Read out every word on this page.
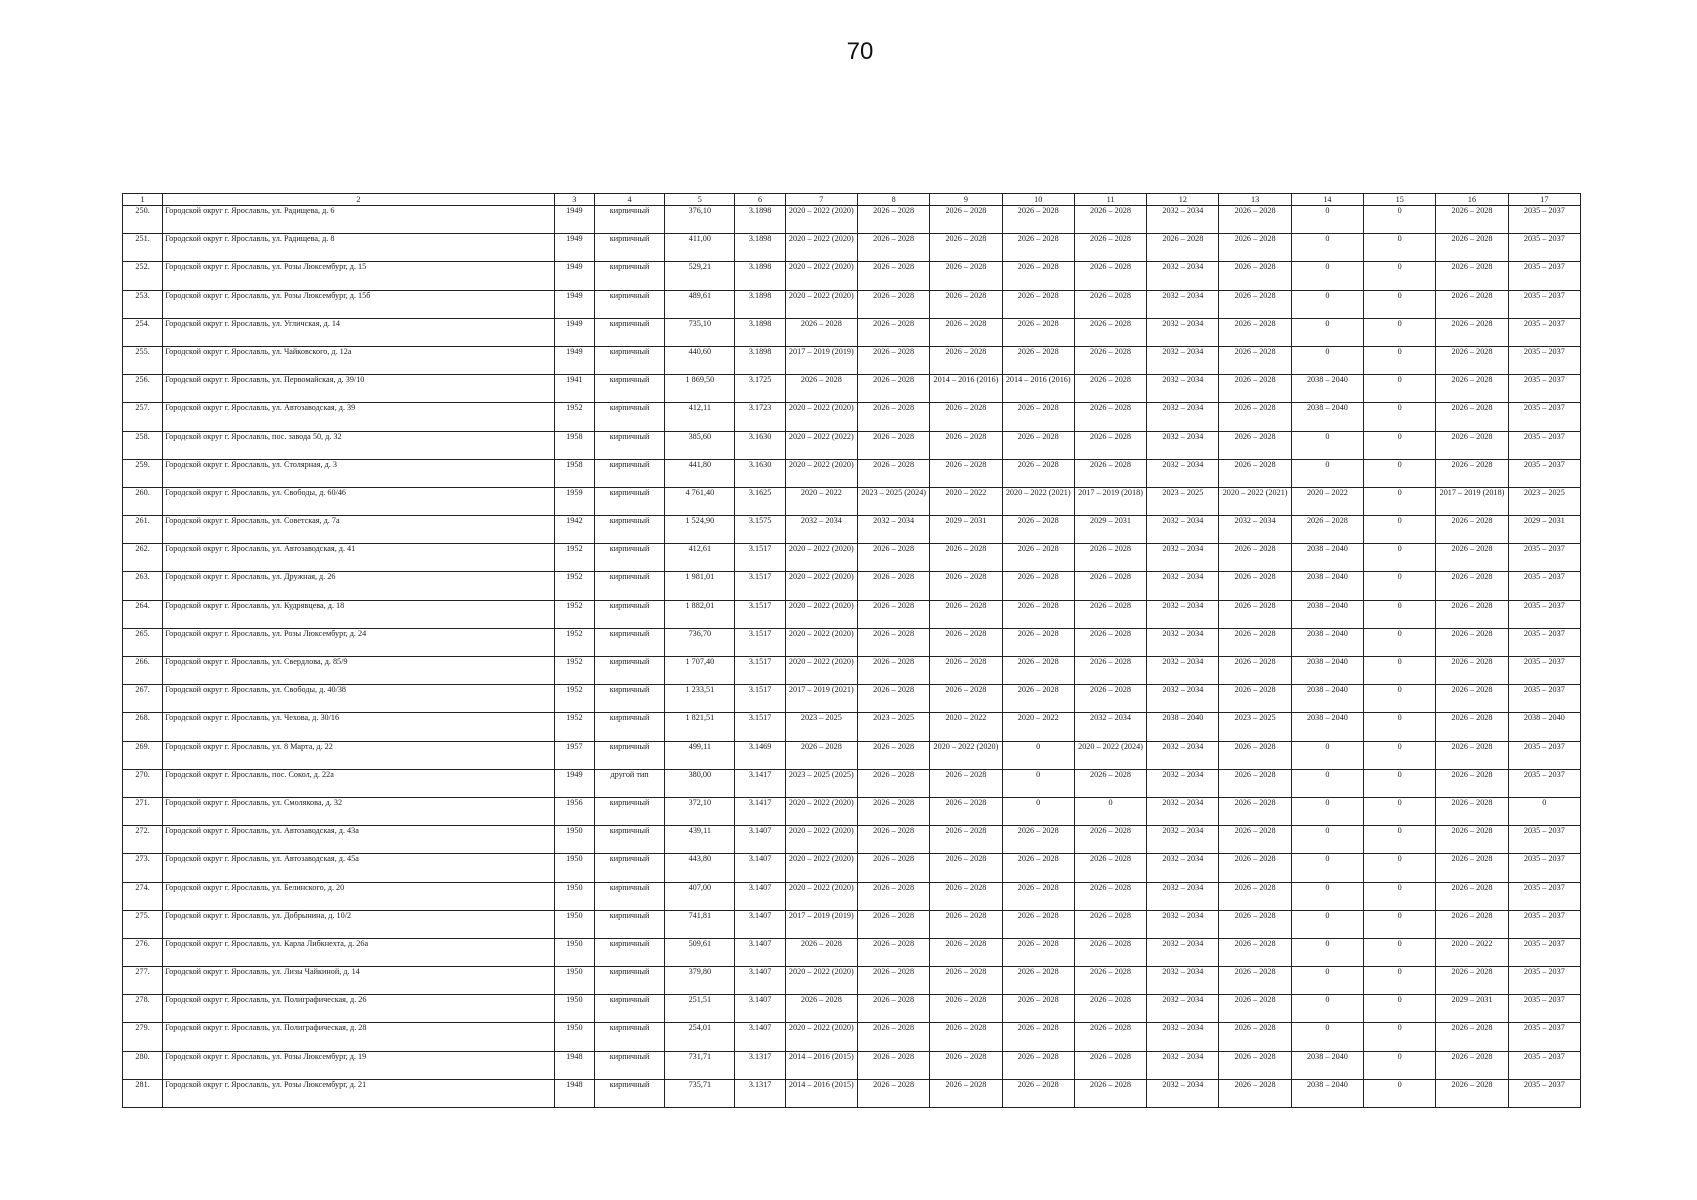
70
1	2	3	4	5	6	7	8	9	10	11	12	13	14	15	16	17
250.	Городской округ г. Ярославль, ул. Радищева, д. 6	1949	кирпичный	376,10	3.1898	2020 – 2022 (2020)	2026 – 2028	2026 – 2028	2026 – 2028	2026 – 2028	2032 – 2034	2026 – 2028	0	0	2026 – 2028	2035 – 2037
251.	Городской округ г. Ярославль, ул. Радищева, д. 8	1949	кирпичный	411,00	3.1898	2020 – 2022 (2020)	2026 – 2028	2026 – 2028	2026 – 2028	2026 – 2028	2026 – 2028	2026 – 2028	0	0	2026 – 2028	2035 – 2037
252.	Городской округ г. Ярославль, ул. Розы Люксембург, д. 15	1949	кирпичный	529,21	3.1898	2020 – 2022 (2020)	2026 – 2028	2026 – 2028	2026 – 2028	2026 – 2028	2032 – 2034	2026 – 2028	0	0	2026 – 2028	2035 – 2037
253.	Городской округ г. Ярославль, ул. Розы Люксембург, д. 15б	1949	кирпичный	489,61	3.1898	2020 – 2022 (2020)	2026 – 2028	2026 – 2028	2026 – 2028	2026 – 2028	2032 – 2034	2026 – 2028	0	0	2026 – 2028	2035 – 2037
254.	Городской округ г. Ярославль, ул. Угличская, д. 14	1949	кирпичный	735,10	3.1898	2026 – 2028	2026 – 2028	2026 – 2028	2026 – 2028	2026 – 2028	2032 – 2034	2026 – 2028	0	0	2026 – 2028	2035 – 2037
255.	Городской округ г. Ярославль, ул. Чайковского, д. 12а	1949	кирпичный	440,60	3.1898	2017 – 2019 (2019)	2026 – 2028	2026 – 2028	2026 – 2028	2026 – 2028	2032 – 2034	2026 – 2028	0	0	2026 – 2028	2035 – 2037
256.	Городской округ г. Ярославль, ул. Первомайская, д. 39/10	1941	кирпичный	1 869,50	3.1725	2026 – 2028	2026 – 2028	2014 – 2016 (2016)	2014 – 2016 (2016)	2026 – 2028	2032 – 2034	2026 – 2028	2038 – 2040	0	2026 – 2028	2035 – 2037
257.	Городской округ г. Ярославль, ул. Автозаводская, д. 39	1952	кирпичный	412,11	3.1723	2020 – 2022 (2020)	2026 – 2028	2026 – 2028	2026 – 2028	2026 – 2028	2032 – 2034	2026 – 2028	2038 – 2040	0	2026 – 2028	2035 – 2037
258.	Городской округ г. Ярославль, пос. завода 50, д. 32	1958	кирпичный	385,60	3.1630	2020 – 2022 (2022)	2026 – 2028	2026 – 2028	2026 – 2028	2026 – 2028	2032 – 2034	2026 – 2028	0	0	2026 – 2028	2035 – 2037
259.	Городской округ г. Ярославль, ул. Столярная, д. 3	1958	кирпичный	441,80	3.1630	2020 – 2022 (2020)	2026 – 2028	2026 – 2028	2026 – 2028	2026 – 2028	2032 – 2034	2026 – 2028	0	0	2026 – 2028	2035 – 2037
260.	Городской округ г. Ярославль, ул. Свободы, д. 60/46	1959	кирпичный	4 761,40	3.1625	2020 – 2022	2023 – 2025 (2024)	2020 – 2022	2020 – 2022 (2021)	2017 – 2019 (2018)	2023 – 2025	2020 – 2022 (2021)	2020 – 2022	0	2017 – 2019 (2018)	2023 – 2025
261.	Городской округ г. Ярославль, ул. Советская, д. 7а	1942	кирпичный	1 524,90	3.1575	2032 – 2034	2032 – 2034	2029 – 2031	2026 – 2028	2029 – 2031	2032 – 2034	2032 – 2034	2026 – 2028	0	2026 – 2028	2029 – 2031
262.	Городской округ г. Ярославль, ул. Автозаводская, д. 41	1952	кирпичный	412,61	3.1517	2020 – 2022 (2020)	2026 – 2028	2026 – 2028	2026 – 2028	2026 – 2028	2032 – 2034	2026 – 2028	2038 – 2040	0	2026 – 2028	2035 – 2037
263.	Городской округ г. Ярославль, ул. Дружная, д. 26	1952	кирпичный	1 981,01	3.1517	2020 – 2022 (2020)	2026 – 2028	2026 – 2028	2026 – 2028	2026 – 2028	2032 – 2034	2026 – 2028	2038 – 2040	0	2026 – 2028	2035 – 2037
264.	Городской округ г. Ярославль, ул. Кудрявцева, д. 18	1952	кирпичный	1 882,01	3.1517	2020 – 2022 (2020)	2026 – 2028	2026 – 2028	2026 – 2028	2026 – 2028	2032 – 2034	2026 – 2028	2038 – 2040	0	2026 – 2028	2035 – 2037
265.	Городской округ г. Ярославль, ул. Розы Люксембург, д. 24	1952	кирпичный	736,70	3.1517	2020 – 2022 (2020)	2026 – 2028	2026 – 2028	2026 – 2028	2026 – 2028	2032 – 2034	2026 – 2028	2038 – 2040	0	2026 – 2028	2035 – 2037
266.	Городской округ г. Ярославль, ул. Свердлова, д. 85/9	1952	кирпичный	1 707,40	3.1517	2020 – 2022 (2020)	2026 – 2028	2026 – 2028	2026 – 2028	2026 – 2028	2032 – 2034	2026 – 2028	2038 – 2040	0	2026 – 2028	2035 – 2037
267.	Городской округ г. Ярославль, ул. Свободы, д. 40/38	1952	кирпичный	1 233,51	3.1517	2017 – 2019 (2021)	2026 – 2028	2026 – 2028	2026 – 2028	2026 – 2028	2032 – 2034	2026 – 2028	2038 – 2040	0	2026 – 2028	2035 – 2037
268.	Городской округ г. Ярославль, ул. Чехова, д. 30/16	1952	кирпичный	1 821,51	3.1517	2023 – 2025	2023 – 2025	2020 – 2022	2020 – 2022	2032 – 2034	2038 – 2040	2023 – 2025	2038 – 2040	0	2026 – 2028	2038 – 2040
269.	Городской округ г. Ярославль, ул. 8 Марта, д. 22	1957	кирпичный	499,11	3.1469	2026 – 2028	2026 – 2028	2020 – 2022 (2020)	0	2020 – 2022 (2024)	2032 – 2034	2026 – 2028	0	0	2026 – 2028	2035 – 2037
270.	Городской округ г. Ярославль, пос. Сокол, д. 22а	1949	другой тип	380,00	3.1417	2023 – 2025 (2025)	2026 – 2028	2026 – 2028	0	2026 – 2028	2032 – 2034	2026 – 2028	0	0	2026 – 2028	2035 – 2037
271.	Городской округ г. Ярославль, ул. Смолякова, д. 32	1956	кирпичный	372,10	3.1417	2020 – 2022 (2020)	2026 – 2028	2026 – 2028	0	0	2032 – 2034	2026 – 2028	0	0	2026 – 2028	0
272.	Городской округ г. Ярославль, ул. Автозаводская, д. 43а	1950	кирпичный	439,11	3.1407	2020 – 2022 (2020)	2026 – 2028	2026 – 2028	2026 – 2028	2026 – 2028	2032 – 2034	2026 – 2028	0	0	2026 – 2028	2035 – 2037
273.	Городской округ г. Ярославль, ул. Автозаводская, д. 45а	1950	кирпичный	443,80	3.1407	2020 – 2022 (2020)	2026 – 2028	2026 – 2028	2026 – 2028	2026 – 2028	2032 – 2034	2026 – 2028	0	0	2026 – 2028	2035 – 2037
274.	Городской округ г. Ярославль, ул. Белинского, д. 20	1950	кирпичный	407,00	3.1407	2020 – 2022 (2020)	2026 – 2028	2026 – 2028	2026 – 2028	2026 – 2028	2032 – 2034	2026 – 2028	0	0	2026 – 2028	2035 – 2037
275.	Городской округ г. Ярославль, ул. Добрынина, д. 10/2	1950	кирпичный	741,81	3.1407	2017 – 2019 (2019)	2026 – 2028	2026 – 2028	2026 – 2028	2026 – 2028	2032 – 2034	2026 – 2028	0	0	2026 – 2028	2035 – 2037
276.	Городской округ г. Ярославль, ул. Карла Либкнехта, д. 26а	1950	кирпичный	509,61	3.1407	2026 – 2028	2026 – 2028	2026 – 2028	2026 – 2028	2026 – 2028	2032 – 2034	2026 – 2028	0	0	2020 – 2022	2035 – 2037
277.	Городской округ г. Ярославль, ул. Лизы Чайкиной, д. 14	1950	кирпичный	379,80	3.1407	2020 – 2022 (2020)	2026 – 2028	2026 – 2028	2026 – 2028	2026 – 2028	2032 – 2034	2026 – 2028	0	0	2026 – 2028	2035 – 2037
278.	Городской округ г. Ярославль, ул. Полиграфическая, д. 26	1950	кирпичный	251,51	3.1407	2026 – 2028	2026 – 2028	2026 – 2028	2026 – 2028	2026 – 2028	2032 – 2034	2026 – 2028	0	0	2029 – 2031	2035 – 2037
279.	Городской округ г. Ярославль, ул. Полиграфическая, д. 28	1950	кирпичный	254,01	3.1407	2020 – 2022 (2020)	2026 – 2028	2026 – 2028	2026 – 2028	2026 – 2028	2032 – 2034	2026 – 2028	0	0	2026 – 2028	2035 – 2037
280.	Городской округ г. Ярославль, ул. Розы Люксембург, д. 19	1948	кирпичный	731,71	3.1317	2014 – 2016 (2015)	2026 – 2028	2026 – 2028	2026 – 2028	2026 – 2028	2032 – 2034	2026 – 2028	2038 – 2040	0	2026 – 2028	2035 – 2037
281.	Городской округ г. Ярославль, ул. Розы Люксембург, д. 21	1948	кирпичный	735,71	3.1317	2014 – 2016 (2015)	2026 – 2028	2026 – 2028	2026 – 2028	2026 – 2028	2032 – 2034	2026 – 2028	2038 – 2040	0	2026 – 2028	2035 – 2037
